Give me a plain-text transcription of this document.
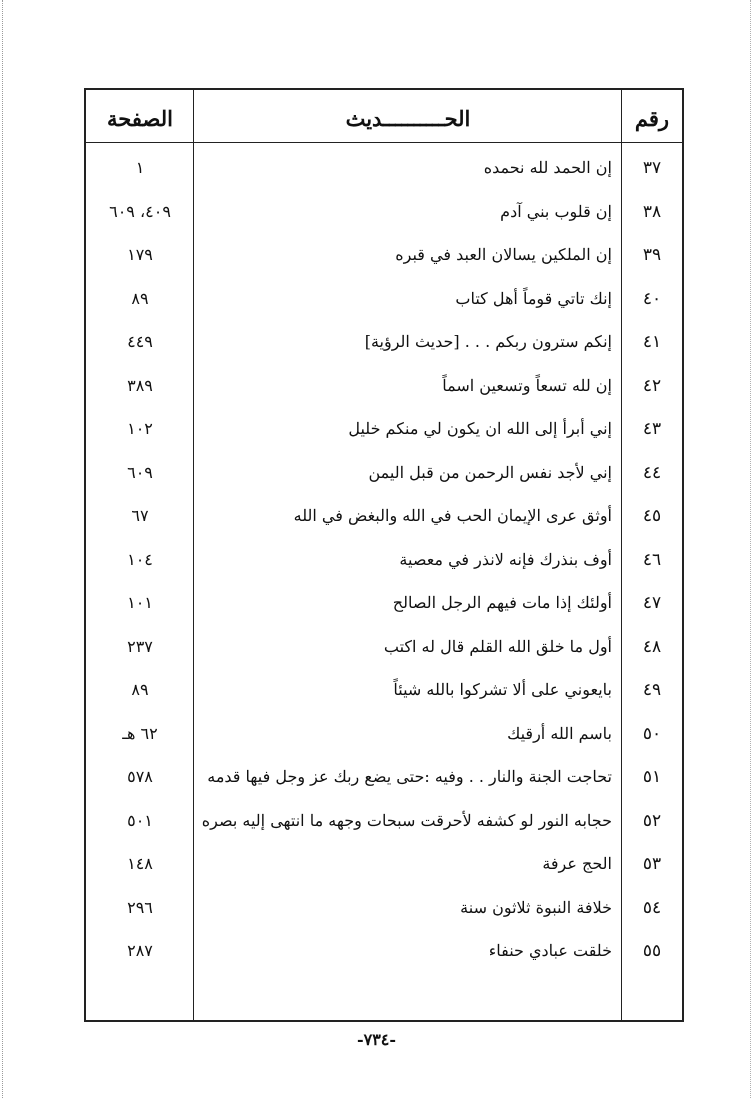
رقم
الحــــــــــديث
الصفحة
٣٧
إن الحمد لله نحمده
١
٣٨
إن قلوب بني آدم
٤٠٩، ٦٠٩
٣٩
إن الملكين يسالان العبد في قبره
١٧٩
٤٠
إنك تاتي قوماً أهل كتاب
٨٩
٤١
إنكم سترون ربكم . . . [حديث الرؤية]
٤٤٩
٤٢
إن لله تسعاً وتسعين اسماً
٣٨٩
٤٣
إني أبرأ إلى الله ان يكون لي منكم خليل
١٠٢
٤٤
إني لأجد نفس الرحمن من قبل اليمن
٦٠٩
٤٥
أوثق عرى الإيمان الحب في الله والبغض في الله
٦٧
٤٦
أوف بنذرك فإنه لانذر في معصية
١٠٤
٤٧
أولئك إذا مات فيهم الرجل الصالح
١٠١
٤٨
أول ما خلق الله القلم قال له اكتب
٢٣٧
٤٩
بايعوني على ألا تشركوا بالله شيئاً
٨٩
٥٠
باسم الله أرقيك
٦٢ هـ
٥١
تحاجت الجنة والنار . . وفيه :حتى يضع ربك عز وجل فيها قدمه
٥٧٨
٥٢
حجابه النور لو كشفه لأحرقت سبحات وجهه ما انتهى إليه بصره
٥٠١
٥٣
الحج عرفة
١٤٨
٥٤
خلافة النبوة ثلاثون سنة
٢٩٦
٥٥
خلقت عبادي حنفاء
٢٨٧
-٧٣٤-
